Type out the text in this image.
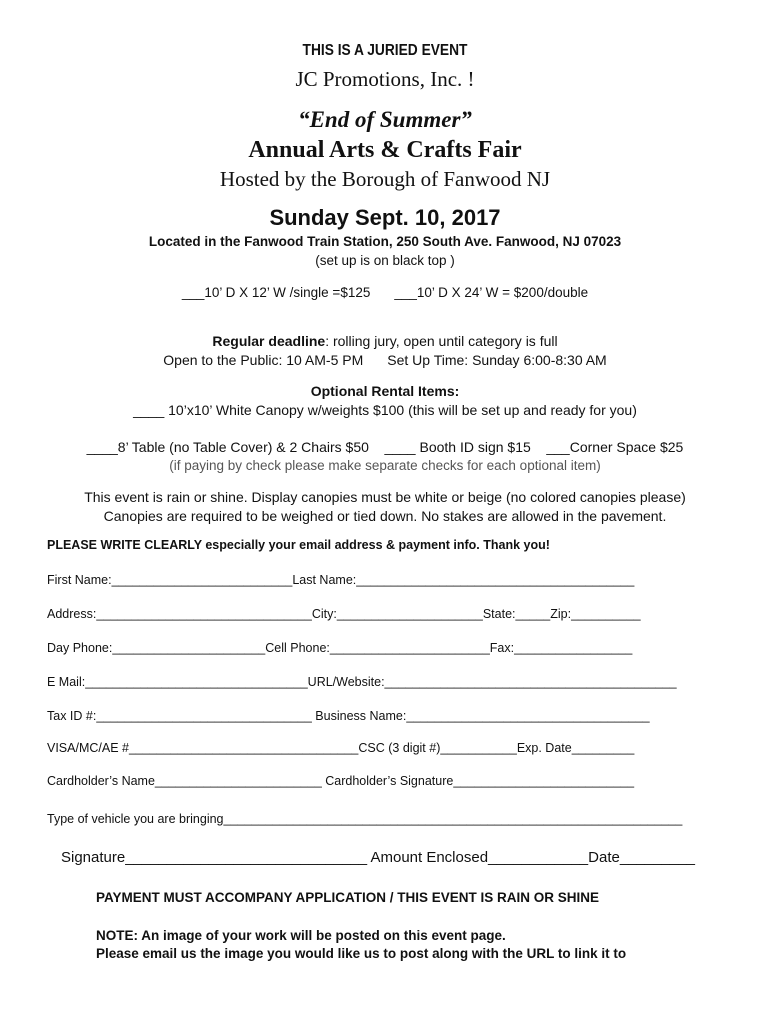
THIS IS A JURIED EVENT
JC Promotions, Inc. !
“End of Summer”
Annual Arts & Crafts Fair
Hosted by the Borough of Fanwood NJ
Sunday Sept. 10, 2017
Located in the Fanwood Train Station, 250 South Ave. Fanwood, NJ 07023
(set up is on black top )
___10’ D X 12’ W /single =$125 ___10’ D X 24’ W = $200/double
Regular deadline: rolling jury, open until category is full
Open to the Public: 10 AM-5 PM Set Up Time: Sunday 6:00-8:30 AM
Optional Rental Items:
____ 10’x10’ White Canopy w/weights $100 (this will be set up and ready for you)
____8’ Table (no Table Cover) & 2 Chairs $50 ____ Booth ID sign $15 ___Corner Space $25
(if paying by check please make separate checks for each optional item)
This event is rain or shine. Display canopies must be white or beige (no colored canopies please)
Canopies are required to be weighed or tied down. No stakes are allowed in the pavement.
PLEASE WRITE CLEARLY especially your email address & payment info. Thank you!
First Name:__________________________Last Name:________________________________________
Address:_______________________________City:_____________________State:_____Zip:__________
Day Phone:______________________Cell Phone:_______________________Fax:_________________
E Mail:________________________________URL/Website:__________________________________________
Tax ID #:_______________________________ Business Name:___________________________________
VISA/MC/AE #_________________________________CSC (3 digit #)___________Exp. Date_________
Cardholder’s Name________________________ Cardholder’s Signature__________________________
Type of vehicle you are bringing__________________________________________________________________
Signature_____________________________ Amount Enclosed____________Date_________
PAYMENT MUST ACCOMPANY APPLICATION / THIS EVENT IS RAIN OR SHINE
NOTE: An image of your work will be posted on this event page.
Please email us the image you would like us to post along with the URL to link it to
